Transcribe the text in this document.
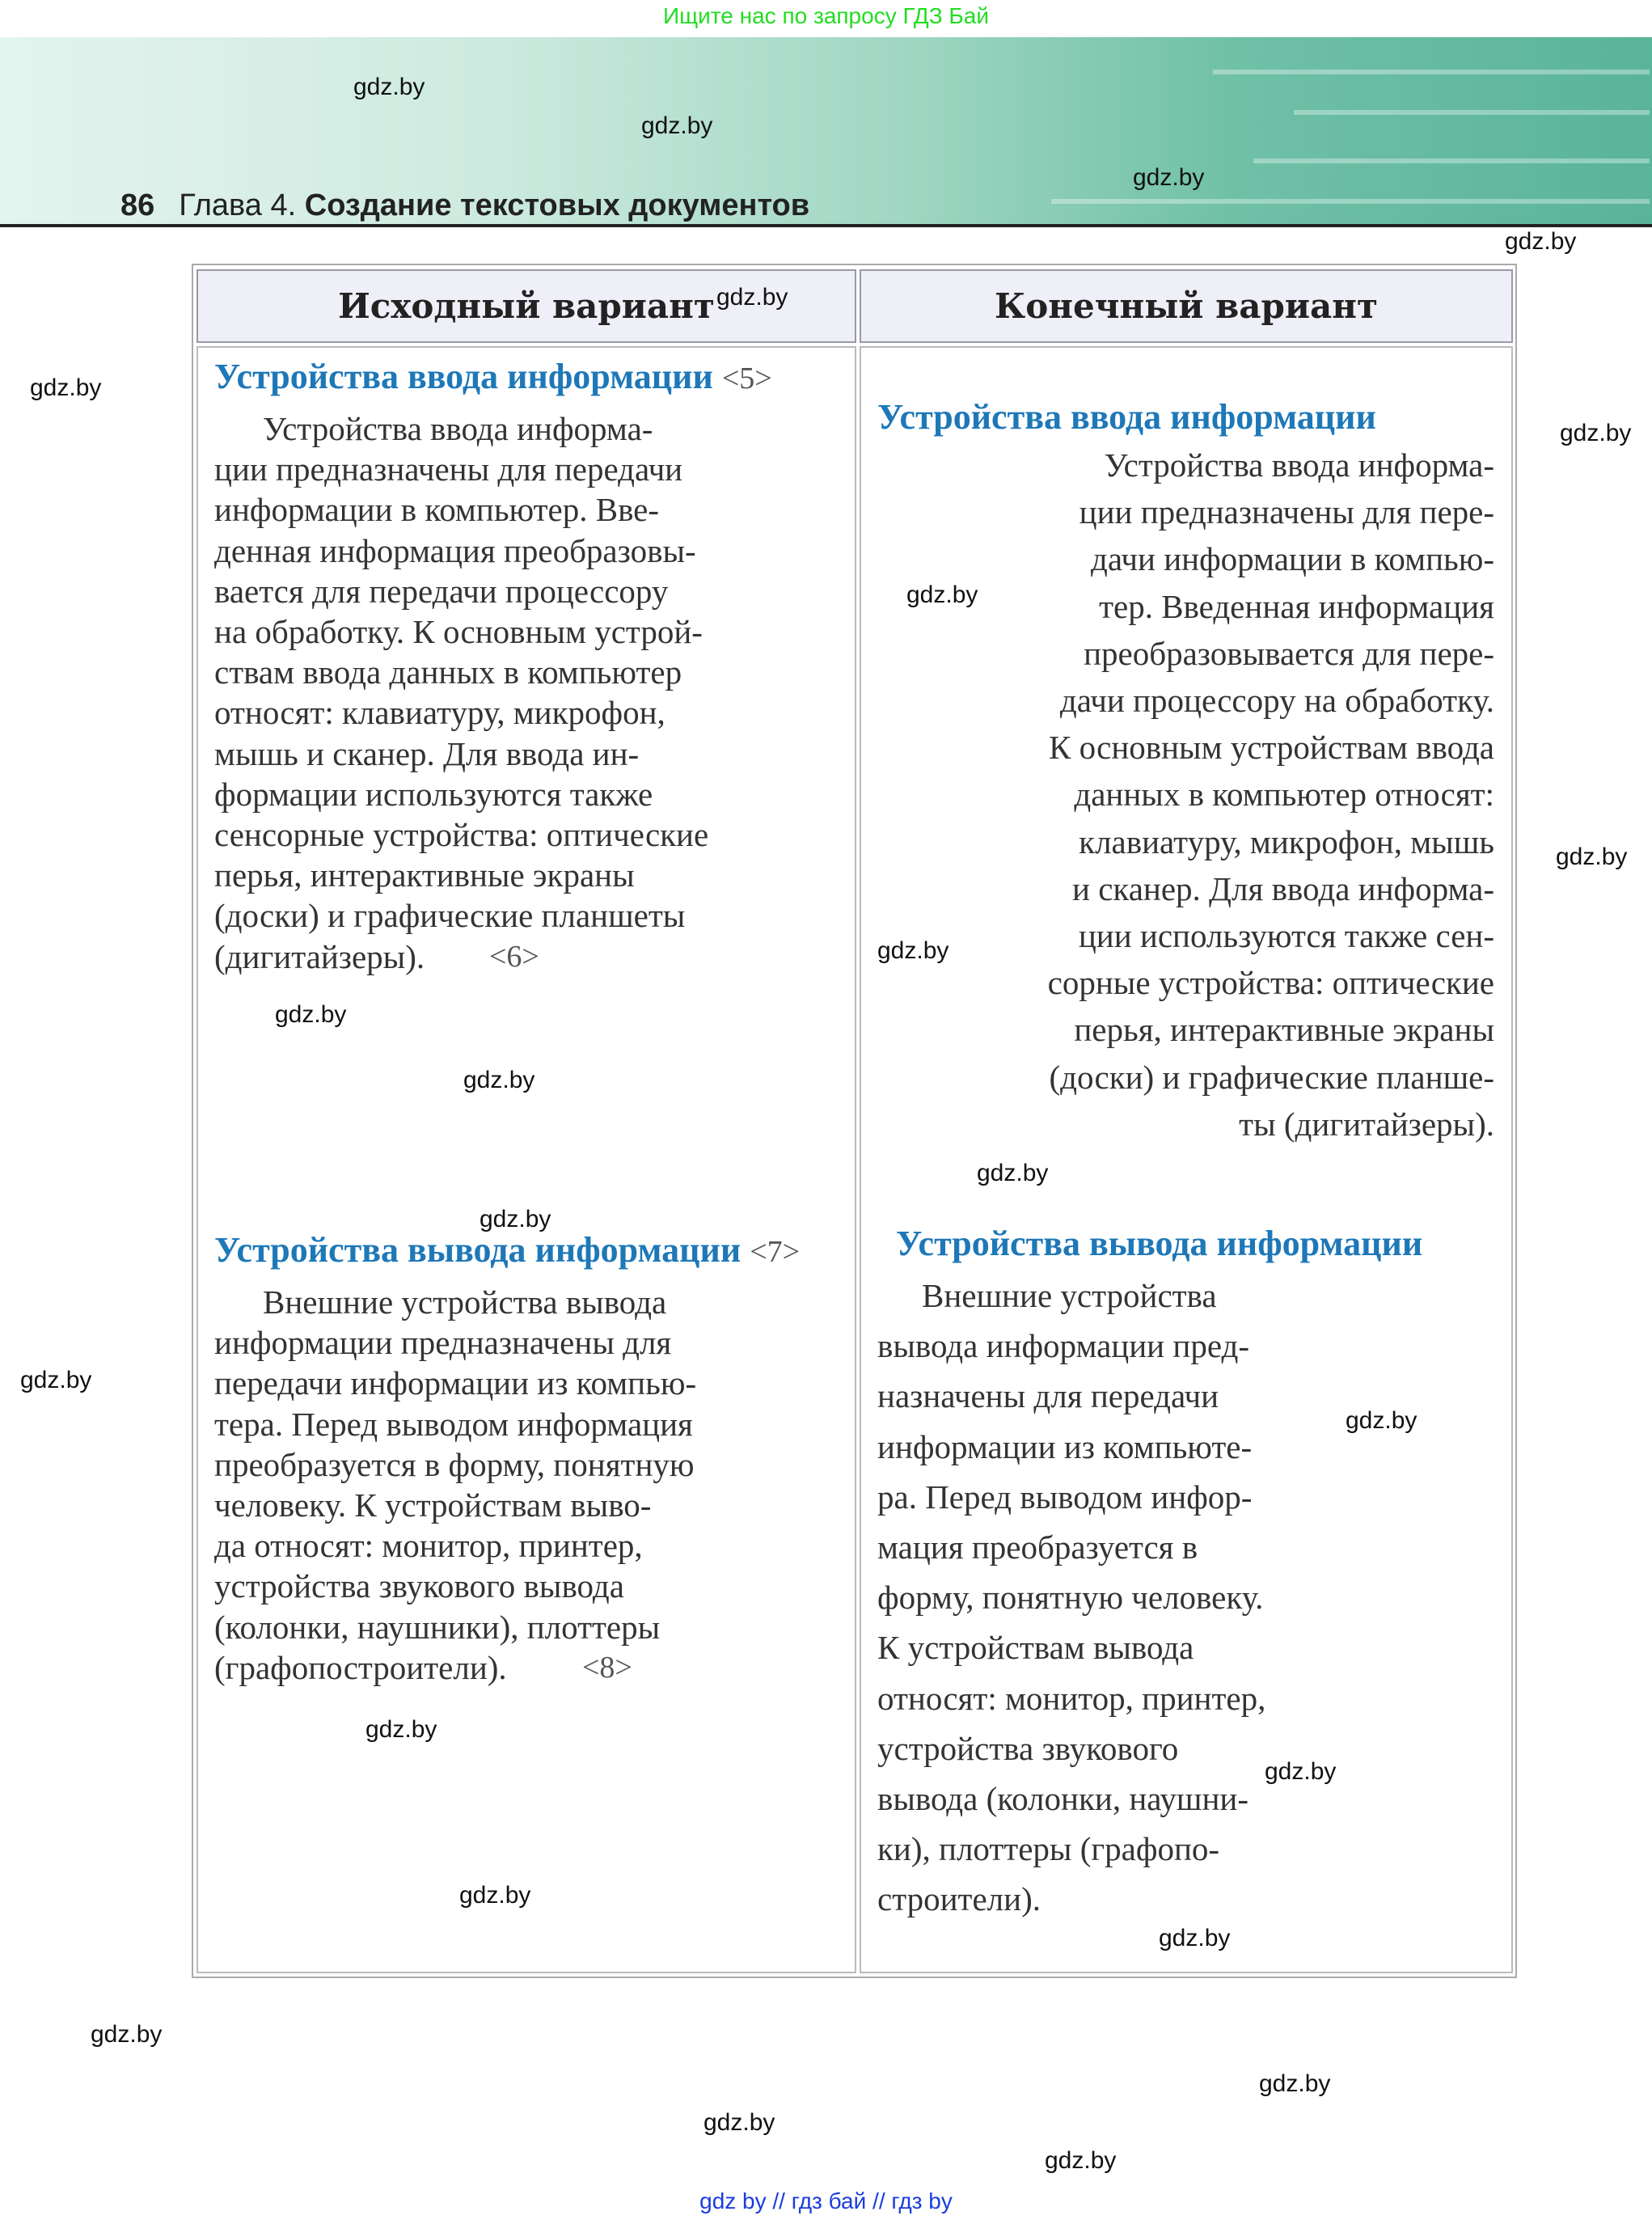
Ищите нас по запросу ГДЗ Бай
86 Глава 4. Создание текстовых документов
Исходный вариант	Конечный вариант
Устройства ввода информации <5>
Устройства вывода информации <7>
Устройства ввода информации
Устройства вывода информации
Устройства ввода информа-
ции предназначены для передачи
информации в компьютер. Вве-
денная информация преобразовы-
вается для передачи процессору
на обработку. К основным устрой-
ствам ввода данных в компьютер
относят: клавиатуру, микрофон,
мышь и сканер. Для ввода ин-
формации используются также
сенсорные устройства: оптические
перья, интерактивные экраны
(доски) и графические планшеты
(дигитайзеры).
Внешние устройства вывода
информации предназначены для
передачи информации из компью-
тера. Перед выводом информация
преобразуется в форму, понятную
человеку. К устройствам выво-
да относят: монитор, принтер,
устройства звукового вывода
(колонки, наушники), плоттеры
(графопостроители).
Устройства ввода информа-
ции предназначены для пере-
дачи информации в компью-
тер. Введенная информация
преобразовывается для пере-
дачи процессору на обработку.
К основным устройствам ввода
данных в компьютер относят:
клавиатуру, микрофон, мышь
и сканер. Для ввода информа-
ции используются также сен-
сорные устройства: оптические
перья, интерактивные экраны
(доски) и графические планше-
ты (дигитайзеры).
Внешние устройства
вывода информации пред-
назначены для передачи
информации из компьюте-
ра. Перед выводом инфор-
мация преобразуется в
форму, понятную человеку.
К устройствам вывода
относят: монитор, принтер,
устройства звукового
вывода (колонки, наушни-
ки), плоттеры (графопо-
строители).
<6>
<8>
gdz.by
gdz.by
gdz.by
gdz.by
gdz.by
gdz.by
gdz.by
gdz.by
gdz.by
gdz.by
gdz.by
gdz.by
gdz.by
gdz.by
gdz.by
gdz.by
gdz.by
gdz.by
gdz.by
gdz.by
gdz.by
gdz.by
gdz.by
gdz.by
gdz by // гдз бай // гдз by
